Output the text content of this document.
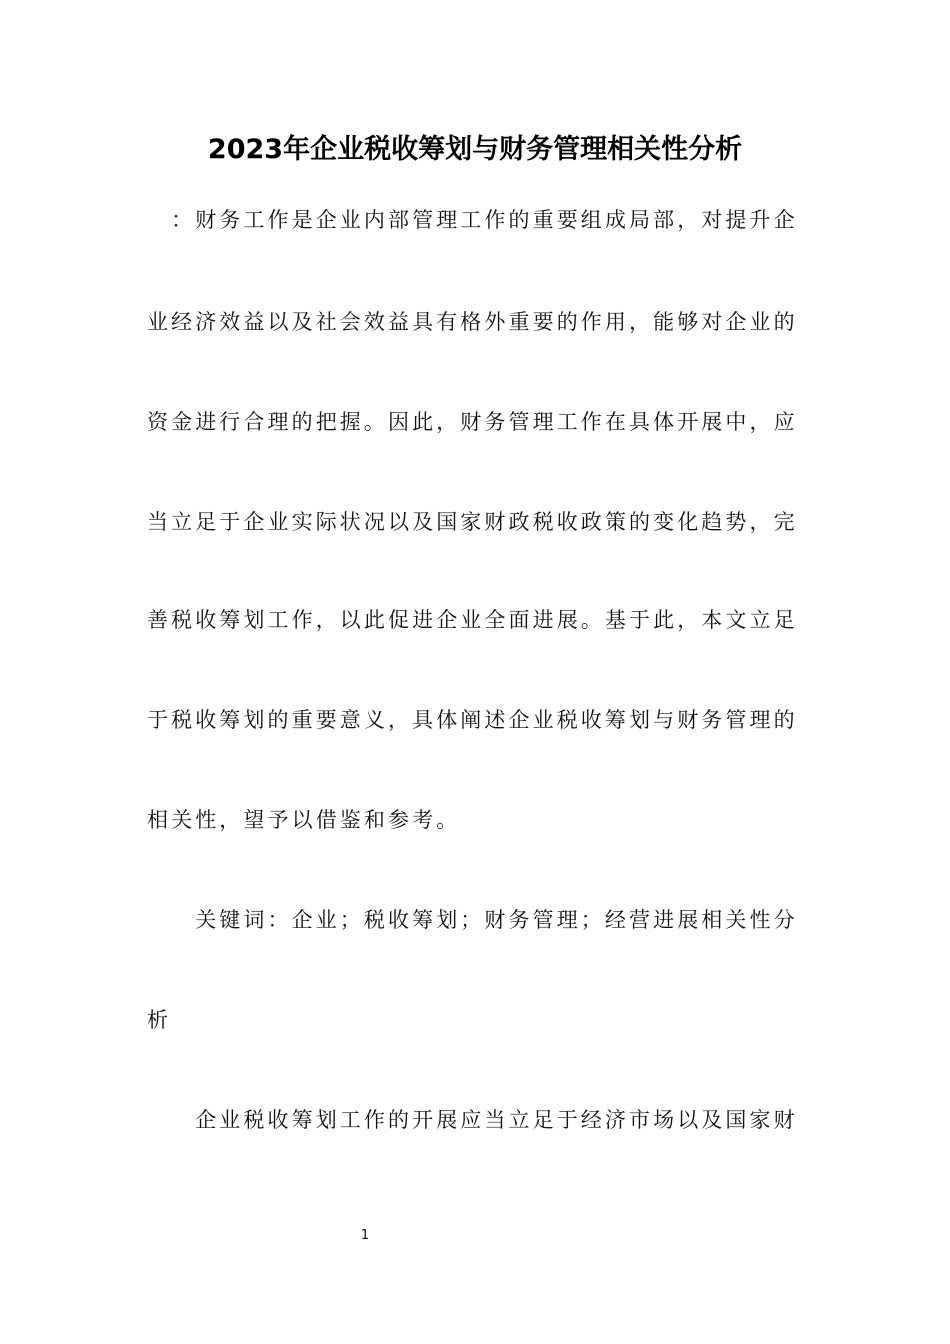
2023年企业税收筹划与财务管理相关性分析
　：财务工作是企业内部管理工作的重要组成局部，对提升企
业经济效益以及社会效益具有格外重要的作用，能够对企业的
资金进行合理的把握。因此，财务管理工作在具体开展中，应
当立足于企业实际状况以及国家财政税收政策的变化趋势，完
善税收筹划工作，以此促进企业全面进展。基于此，本文立足
于税收筹划的重要意义，具体阐述企业税收筹划与财务管理的
相关性，望予以借鉴和参考。
　　关键词：企业；税收筹划；财务管理；经营进展相关性分
析
　　企业税收筹划工作的开展应当立足于经济市场以及国家财
1
